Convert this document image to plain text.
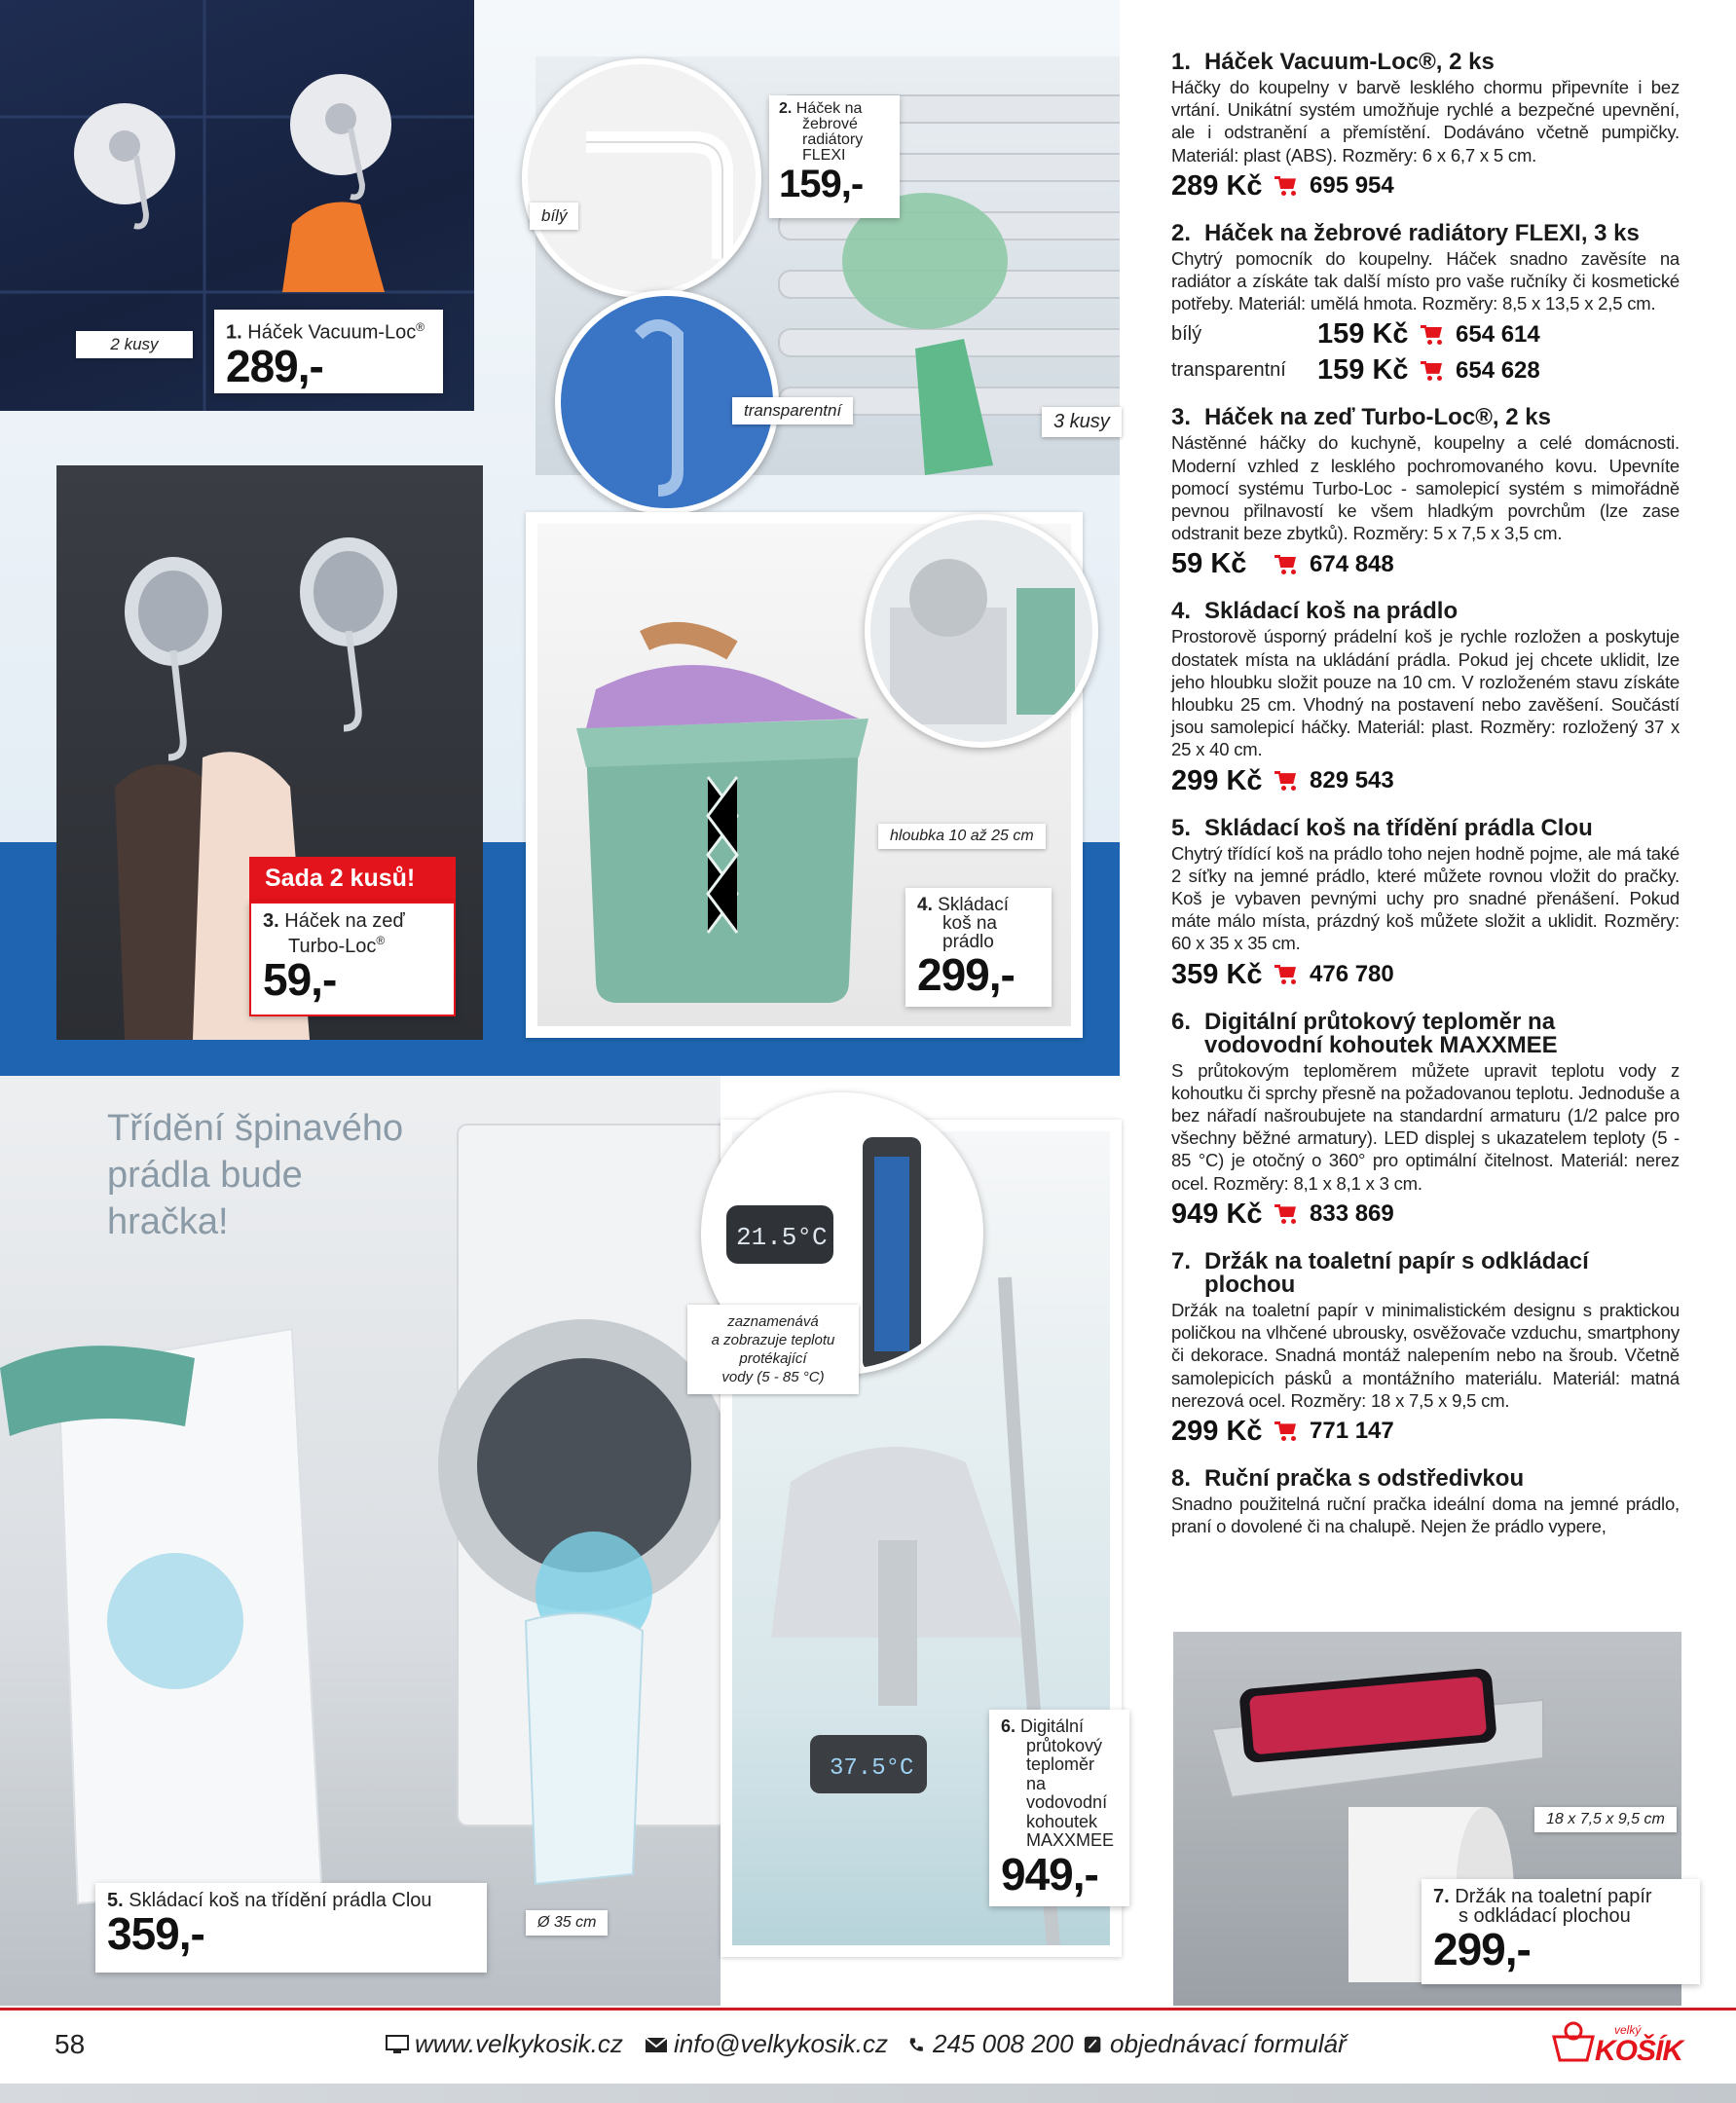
2 kusy
1. Háček Vacuum-Loc®
289,-
bílý
transparentní
3 kusy
2. Háček na
žebrové
radiátory
FLEXI
159,-
Sada 2 kusů!
3. Háček na zeď
Turbo-Loc®
59,-
hloubka 10 až 25 cm
4. Skládací
koš na
prádlo
299,-
Třídění špinavého
prádla bude
hračka!
Ø 35 cm
5. Skládací koš na třídění prádla Clou
359,-
37.5°C
21.5°C
zaznamenává
a zobrazuje teplotu
protékající
vody (5 - 85 °C)
6. Digitální
průtokový
teploměr
na
vodovodní
kohoutek
MAXXMEE
949,-
18 x 7,5 x 9,5 cm
7. Držák na toaletní papír
s odkládací plochou
299,-
1. Háček Vacuum-Loc®, 2 ks

Háčky do koupelny v barvě lesklého chormu připevníte i bez vrtání. Unikátní systém umožňuje rychlé a bezpečné upevnění, ale i odstranění a přemístění. Dodáváno včetně pumpičky. Materiál: plast (ABS). Rozměry: 6 x 6,7 x 5 cm.

289 Kč	695 954
2. Háček na žebrové radiátory FLEXI, 3 ks

Chytrý pomocník do koupelny. Háček snadno zavěsíte na radiátor a získáte tak další místo pro vaše ručníky či kosmetické potřeby. Materiál: umělá hmota. Rozměry: 8,5 x 13,5 x 2,5 cm.

bílý	159 Kč	654 614
transparentní	159 Kč	654 628
3. Háček na zeď Turbo-Loc®, 2 ks

Nástěnné háčky do kuchyně, koupelny a celé domácnosti. Moderní vzhled z lesklého pochromovaného kovu. Upevníte pomocí systému Turbo-Loc - samolepicí systém s mimořádně pevnou přilnavostí ke všem hladkým povrchům (lze zase odstranit beze zbytků). Rozměry: 5 x 7,5 x 3,5 cm.

59 Kč	674 848
4. Skládací koš na prádlo

Prostorově úsporný prádelní koš je rychle rozložen a poskytuje dostatek místa na ukládání prádla. Pokud jej chcete uklidit, lze jeho hloubku složit pouze na 10 cm. V rozloženém stavu získáte hloubku 25 cm. Vhodný na postavení nebo zavěšení. Součástí jsou samolepicí háčky. Materiál: plast. Rozměry: rozložený 37 x 25 x 40 cm.

299 Kč	829 543
5. Skládací koš na třídění prádla Clou

Chytrý třídící koš na prádlo toho nejen hodně pojme, ale má také 2 síťky na jemné prádlo, které můžete rovnou vložit do pračky. Koš je vybaven pevnými uchy pro snadné přenášení. Pokud máte málo místa, prázdný koš můžete složit a uklidit. Rozměry: 60 x 35 x 35 cm.

359 Kč	476 780
6. Digitální průtokový teploměr na vodovodní kohoutek MAXXMEE

S průtokovým teploměrem můžete upravit teplotu vody z kohoutku či sprchy přesně na požadovanou teplotu. Jednoduše a bez nářadí našroubujete na standardní armaturu (1/2 palce pro všechny běžné armatury). LED displej s ukazatelem teploty (5 - 85 °C) je otočný o 360° pro optimální čitelnost. Materiál: nerez ocel. Rozměry: 8,1 x 8,1 x 3 cm.

949 Kč	833 869
7. Držák na toaletní papír s odkládací plochou

Držák na toaletní papír v minimalistickém designu s praktickou poličkou na vlhčené ubrousky, osvěžovače vzduchu, smartphony či dekorace. Snadná montáž nalepením nebo na šroub. Včetně samolepicích pásků a montážního materiálu. Materiál: matná nerezová ocel. Rozměry: 18 x 7,5 x 9,5 cm.

299 Kč	771 147
8. Ruční pračka s odstředivkou

Snadno použitelná ruční pračka ideální doma na jemné prádlo, praní o dovolené či na chalupě. Nejen že prádlo vypere,

58	www.velkykosik.cz info@velkykosik.cz 245 008 200 objednávací formulář	velký
KOŠÍK
